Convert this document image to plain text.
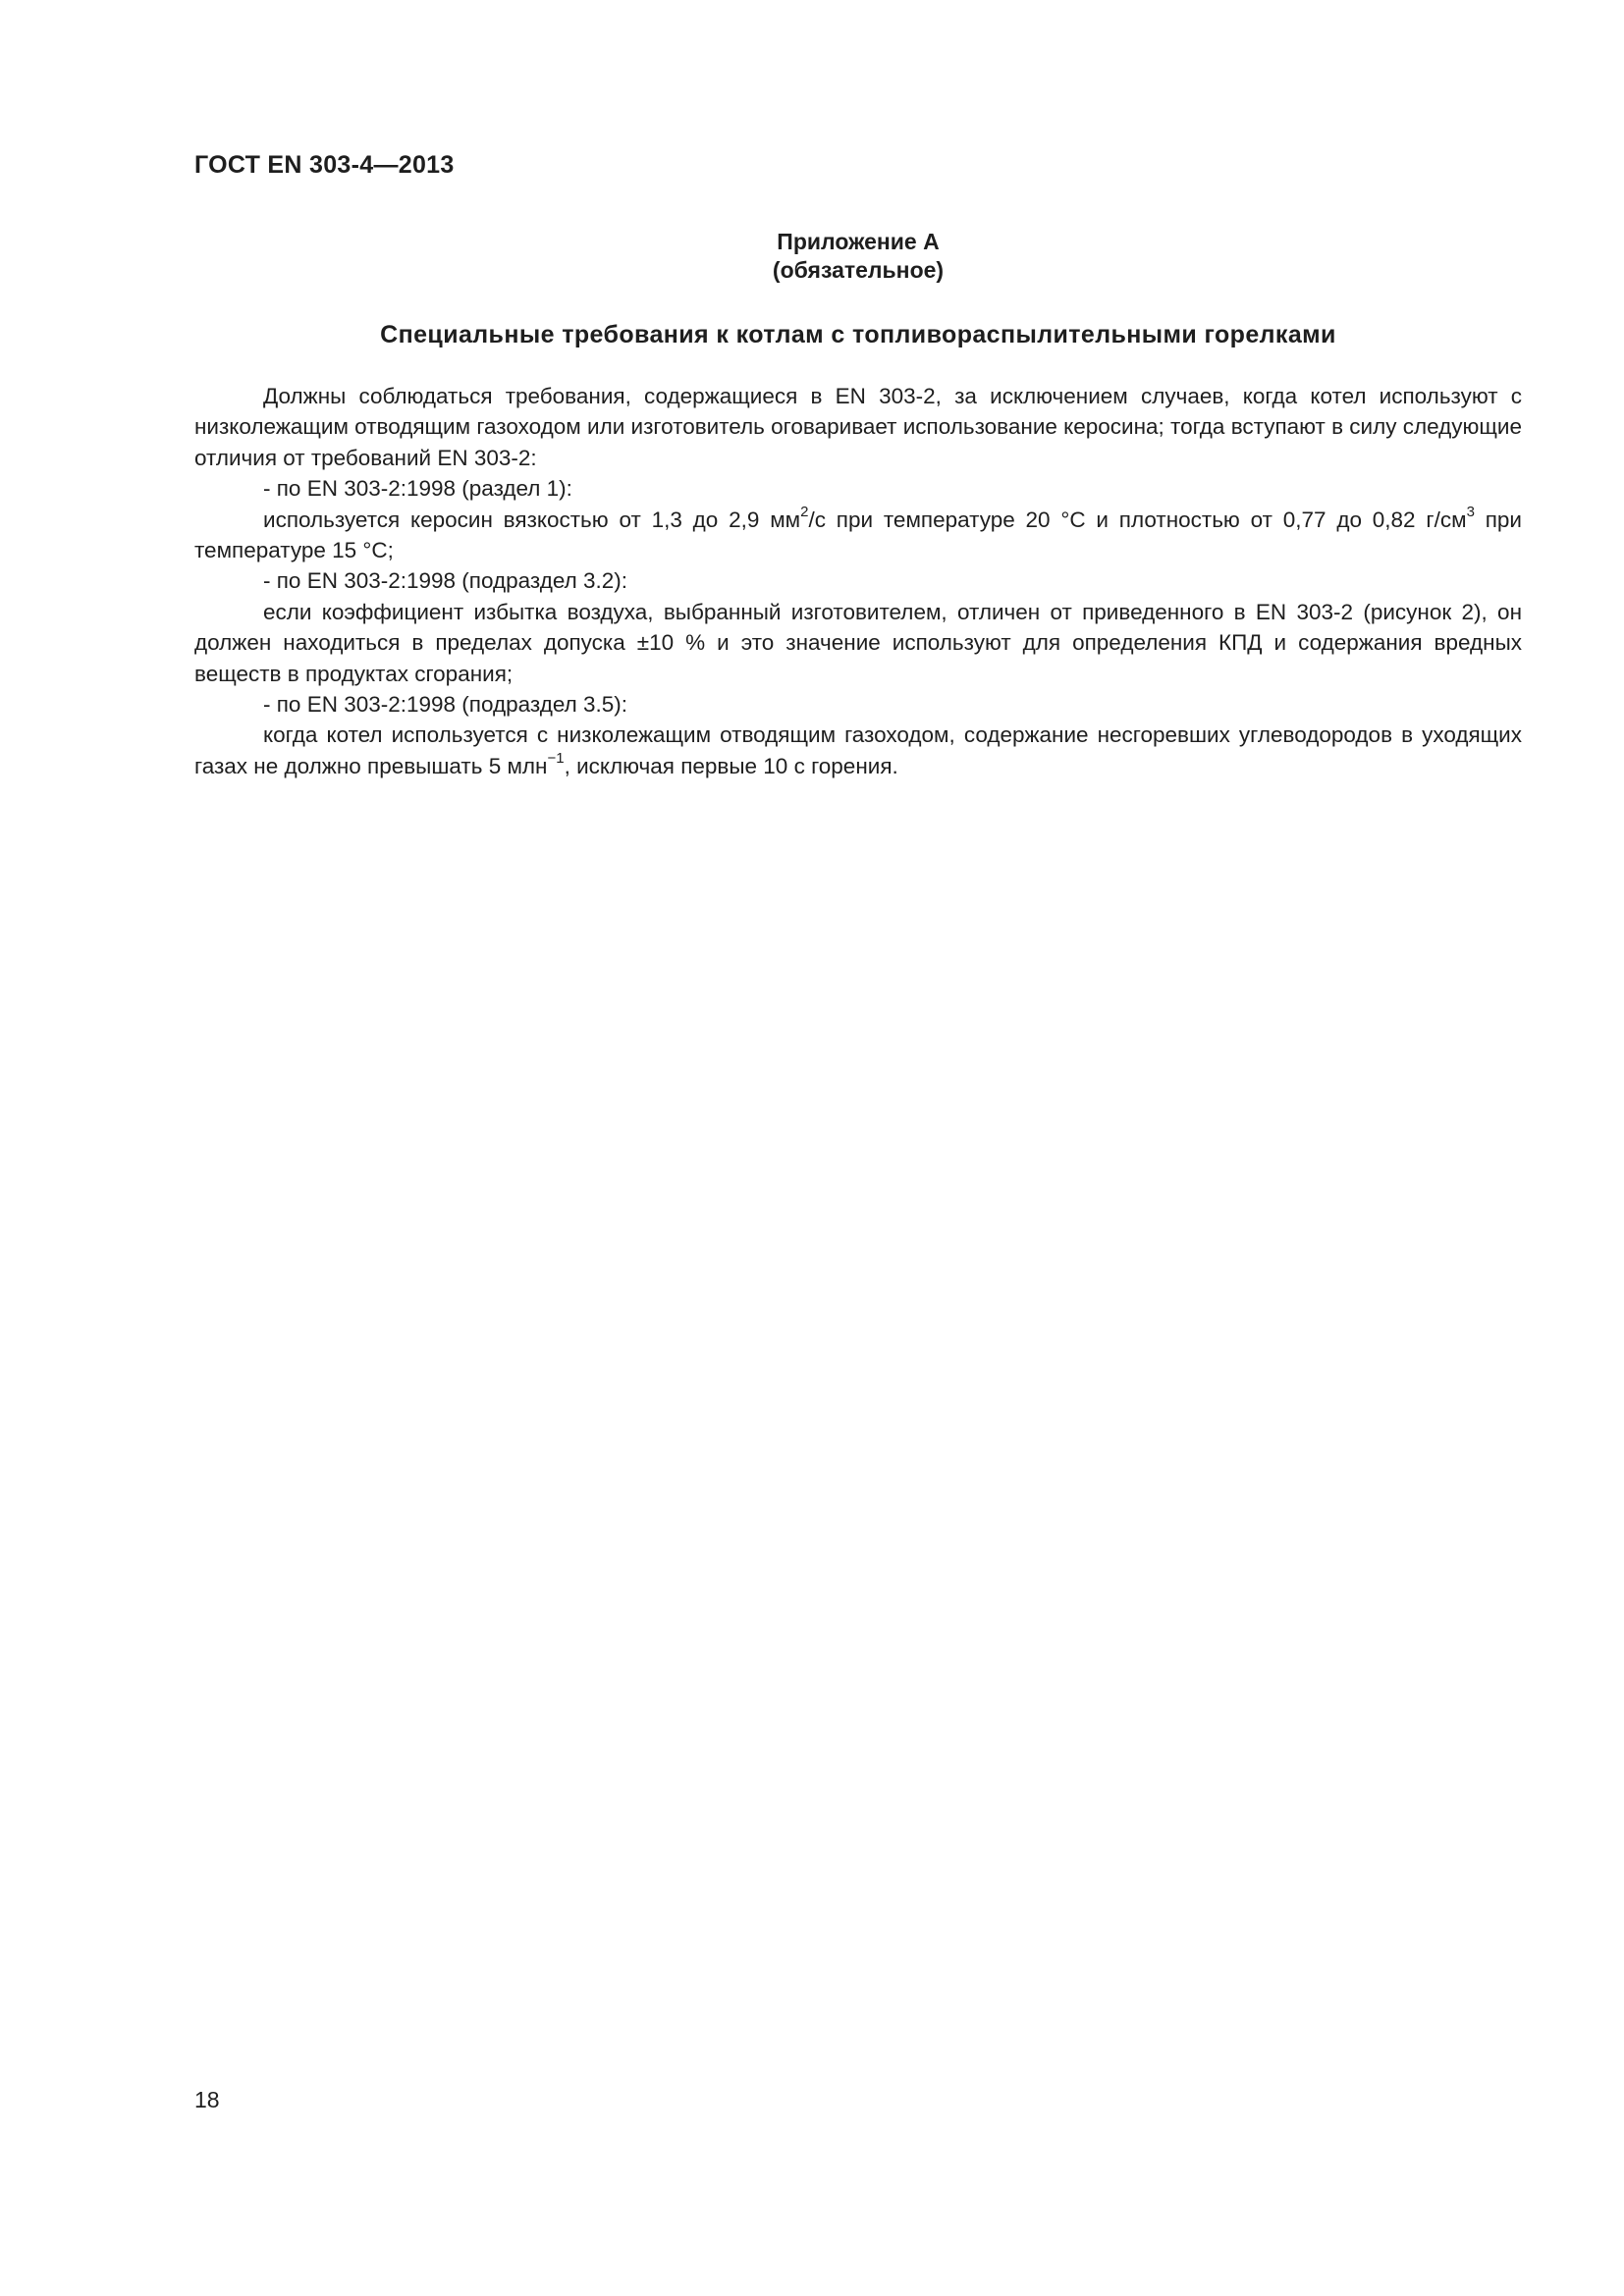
ГОСТ EN 303-4—2013
Приложение А
(обязательное)
Специальные требования к котлам с топливораспылительными горелками

Должны соблюдаться требования, содержащиеся в EN 303-2, за исключением случаев, когда котел используют с низколежащим отводящим газоходом или изготовитель оговаривает использование керосина; тогда вступают в силу следующие отличия от требований EN 303-2:

- по EN 303-2:1998 (раздел 1):

используется керосин вязкостью от 1,3 до 2,9 $мм^2/с$ при температуре 20 °С и плотностью от 0,77 до 0,82 $г/см^3$ при температуре 15 °С;

- по EN 303-2:1998 (подраздел 3.2):

если коэффициент избытка воздуха, выбранный изготовителем, отличен от приведенного в EN 303-2 (рисунок 2), он должен находиться в пределах допуска ±10 % и это значение используют для определения КПД и содержания вредных веществ в продуктах сгорания;

- по EN 303-2:1998 (подраздел 3.5):

когда котел используется с низколежащим отводящим газоходом, содержание несгоревших углеводородов в уходящих газах не должно превышать 5 млн$^{-1}$, исключая первые 10 с горения.

18
